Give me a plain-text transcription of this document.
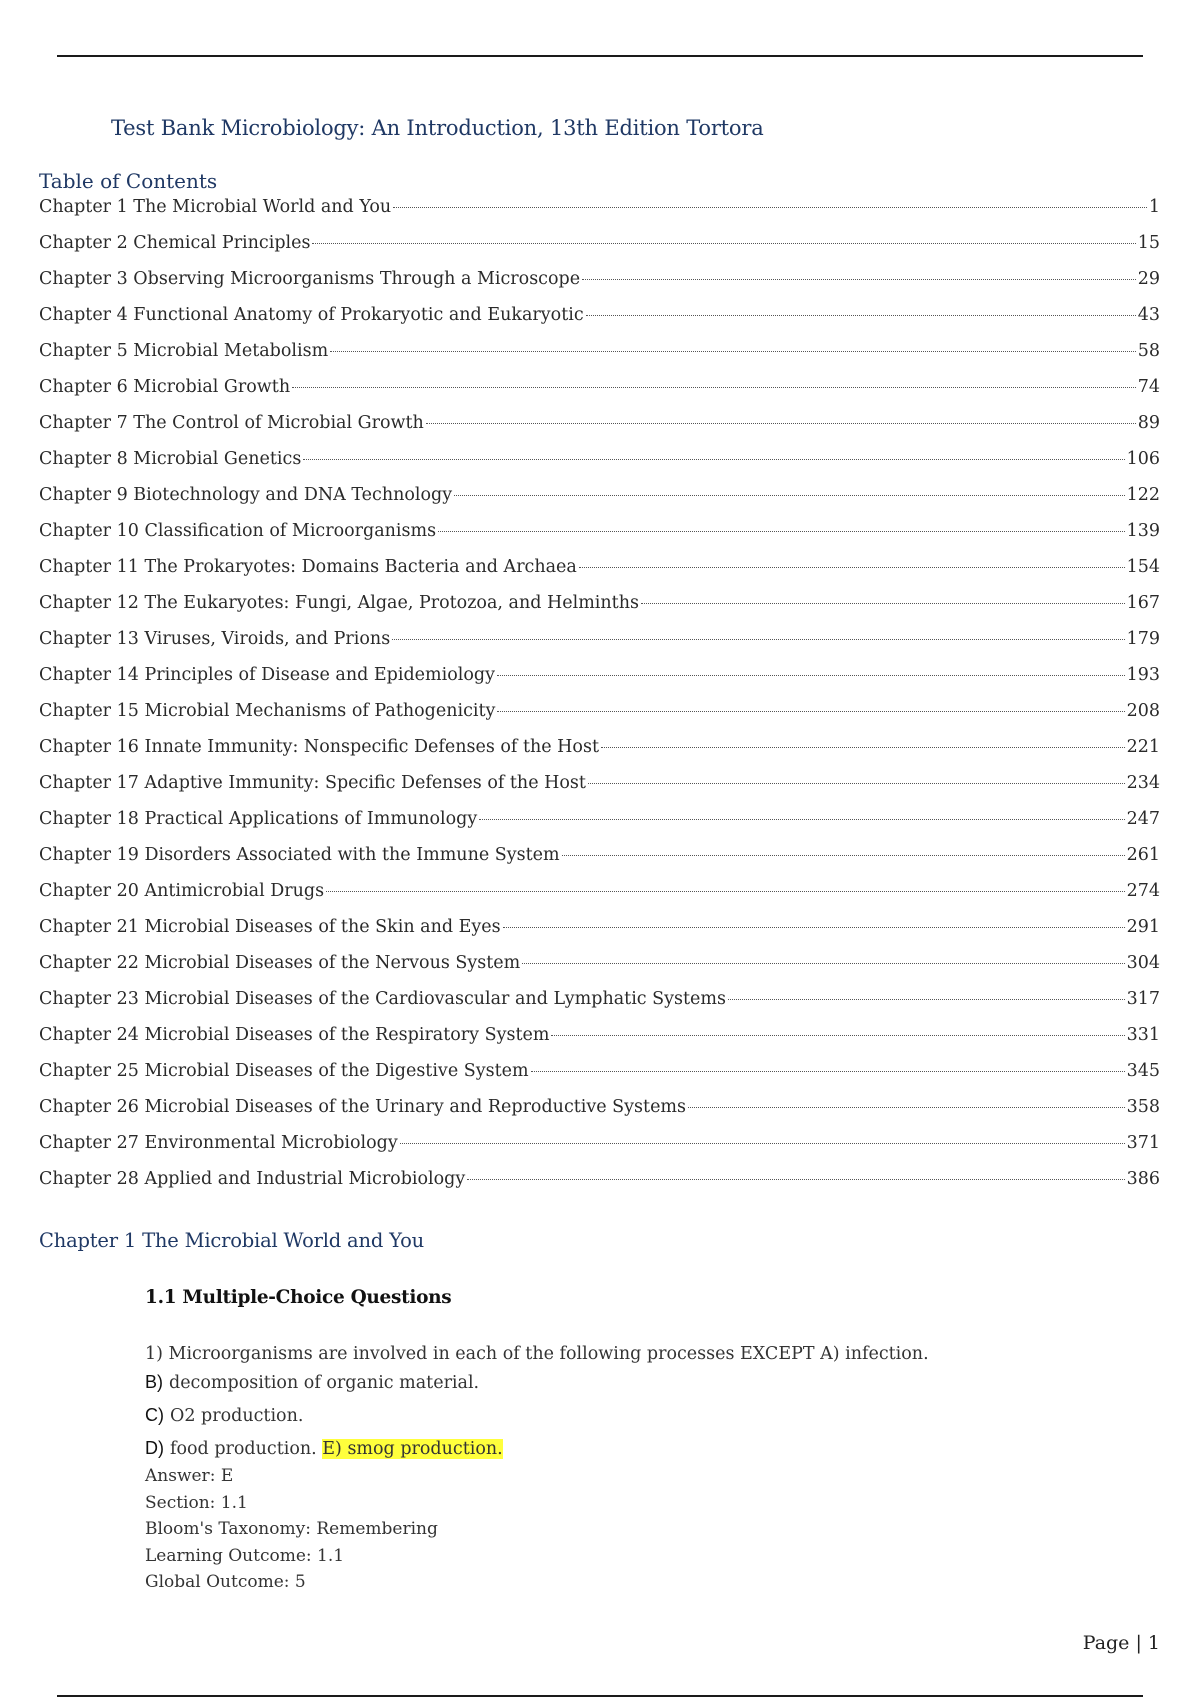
Test Bank Microbiology: An Introduction, 13th Edition Tortora
Table of Contents
Chapter 1 The Microbial World and You	1
Chapter 2 Chemical Principles	15
Chapter 3 Observing Microorganisms Through a Microscope	29
Chapter 4 Functional Anatomy of Prokaryotic and Eukaryotic	43
Chapter 5 Microbial Metabolism	58
Chapter 6 Microbial Growth	74
Chapter 7 The Control of Microbial Growth	89
Chapter 8 Microbial Genetics	106
Chapter 9 Biotechnology and DNA Technology	122
Chapter 10 Classification of Microorganisms	139
Chapter 11 The Prokaryotes: Domains Bacteria and Archaea	154
Chapter 12 The Eukaryotes: Fungi, Algae, Protozoa, and Helminths	167
Chapter 13 Viruses, Viroids, and Prions	179
Chapter 14 Principles of Disease and Epidemiology	193
Chapter 15 Microbial Mechanisms of Pathogenicity	208
Chapter 16 Innate Immunity: Nonspecific Defenses of the Host	221
Chapter 17 Adaptive Immunity: Specific Defenses of the Host	234
Chapter 18 Practical Applications of Immunology	247
Chapter 19 Disorders Associated with the Immune System	261
Chapter 20 Antimicrobial Drugs	274
Chapter 21 Microbial Diseases of the Skin and Eyes	291
Chapter 22 Microbial Diseases of the Nervous System	304
Chapter 23 Microbial Diseases of the Cardiovascular and Lymphatic Systems	317
Chapter 24 Microbial Diseases of the Respiratory System	331
Chapter 25 Microbial Diseases of the Digestive System	345
Chapter 26 Microbial Diseases of the Urinary and Reproductive Systems	358
Chapter 27 Environmental Microbiology	371
Chapter 28 Applied and Industrial Microbiology	386
Chapter 1 The Microbial World and You
1.1 Multiple-Choice Questions
1) Microorganisms are involved in each of the following processes EXCEPT A) infection.
B) decomposition of organic material.
C) O2 production.
D) food production. E) smog production.
Answer: E
Section: 1.1
Bloom's Taxonomy: Remembering
Learning Outcome: 1.1
Global Outcome: 5
Page | 1
